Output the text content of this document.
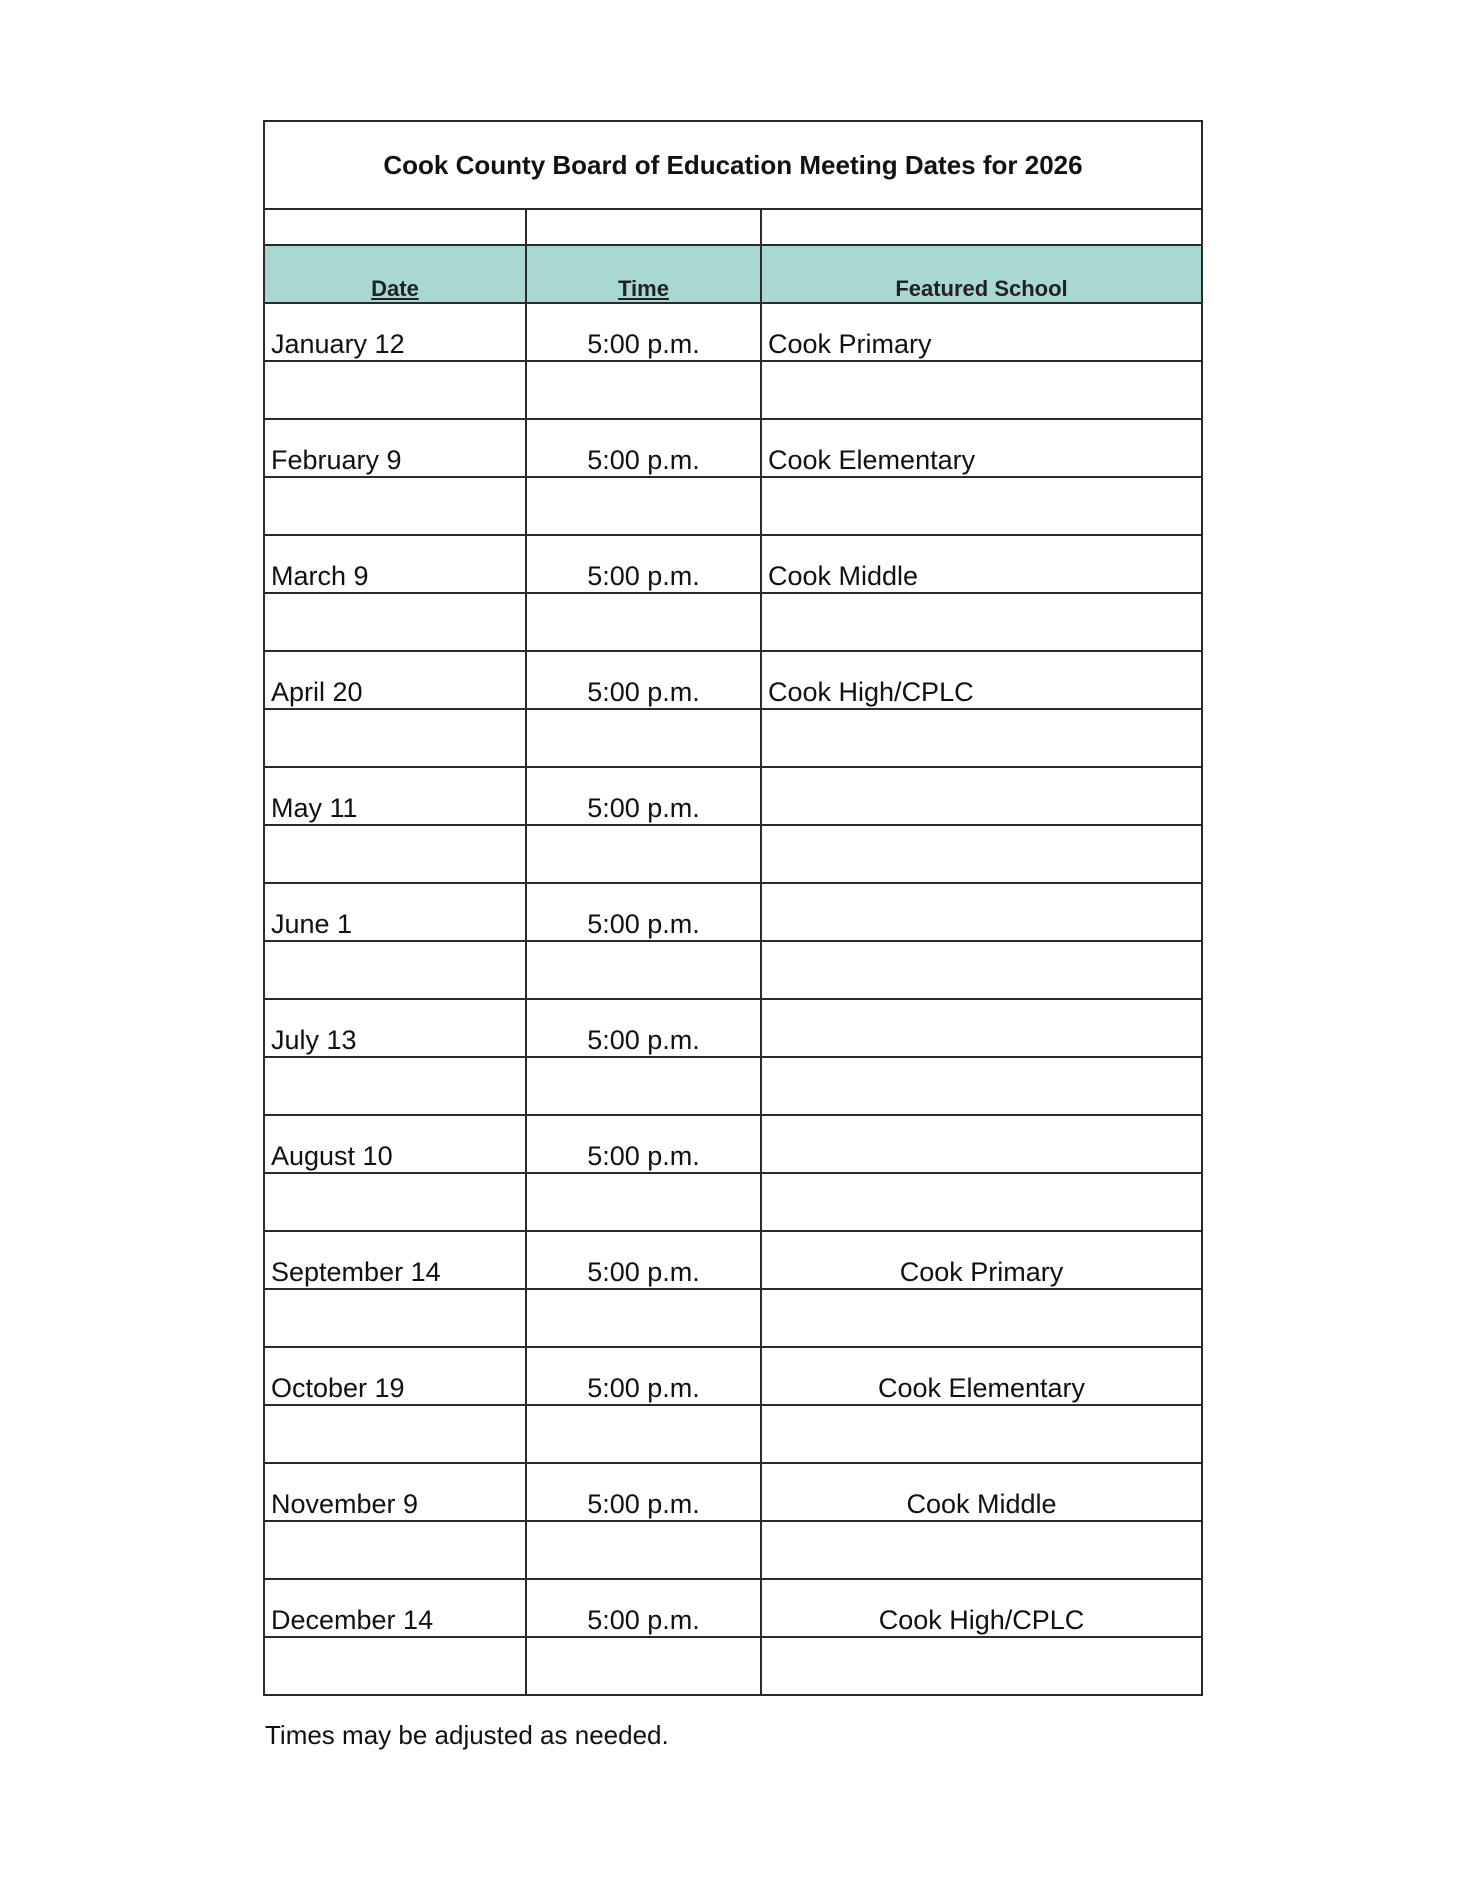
Cook County Board of Education Meeting Dates for 2026		

Date	Time	Featured School
January 12	5:00 p.m.	Cook Primary

February 9	5:00 p.m.	Cook Elementary

March 9	5:00 p.m.	Cook Middle

April 20	5:00 p.m.	Cook High/CPLC

May 11	5:00 p.m.	

June 1	5:00 p.m.	

July 13	5:00 p.m.	

August 10	5:00 p.m.	

September 14	5:00 p.m.	Cook Primary

October 19	5:00 p.m.	Cook Elementary

November 9	5:00 p.m.	Cook Middle

December 14	5:00 p.m.	Cook High/CPLC

Times may be adjusted as needed.
